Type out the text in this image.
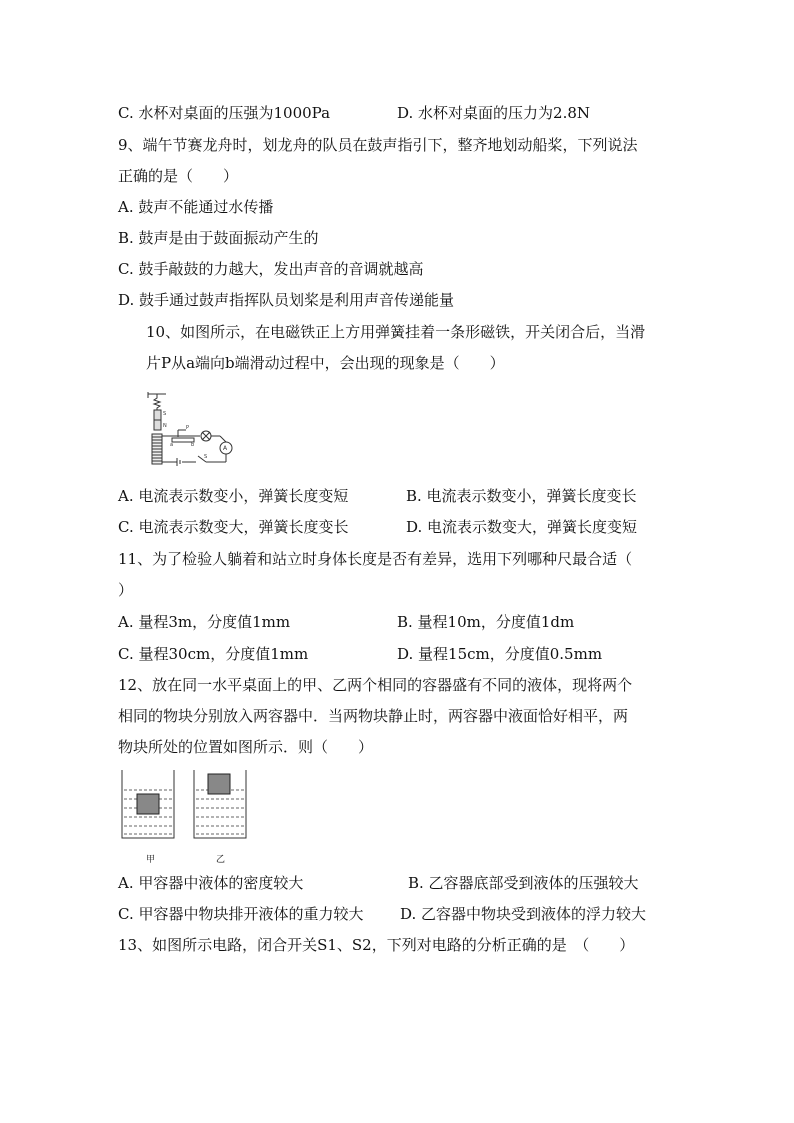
C. 水杯对桌面的压强为1000Pa	D. 水杯对桌面的压力为2.8N
9、端午节赛龙舟时，划龙舟的队员在鼓声指引下，整齐地划动船桨，下列说法
正确的是（　　）
A. 鼓声不能通过水传播
B. 鼓声是由于鼓面振动产生的
C. 鼓手敲鼓的力越大，发出声音的音调就越高
D. 鼓手通过鼓声指挥队员划桨是利用声音传递能量
10、如图所示，在电磁铁正上方用弹簧挂着一条形磁铁，开关闭合后，当滑
片P从a端向b端滑动过程中，会出现的现象是（　　）
S
N	P
a	b
S
A
A. 电流表示数变小，弹簧长度变短	B. 电流表示数变小，弹簧长度变长
C. 电流表示数变大，弹簧长度变长	D. 电流表示数变大，弹簧长度变短
11、为了检验人躺着和站立时身体长度是否有差异，选用下列哪种尺最合适（
）
A. 量程3m，分度值1mm	B. 量程10m，分度值1dm
C. 量程30cm，分度值1mm	D. 量程15cm，分度值0.5mm
12、放在同一水平桌面上的甲、乙两个相同的容器盛有不同的液体，现将两个
相同的物块分别放入两容器中．当两物块静止时，两容器中液面恰好相平，两
物块所处的位置如图所示．则（　　）
甲	乙
A. 甲容器中液体的密度较大	B. 乙容器底部受到液体的压强较大
C. 甲容器中物块排开液体的重力较大 D. 乙容器中物块受到液体的浮力较大
13、如图所示电路，闭合开关S1、S2，下列对电路的分析正确的是　（　　）
